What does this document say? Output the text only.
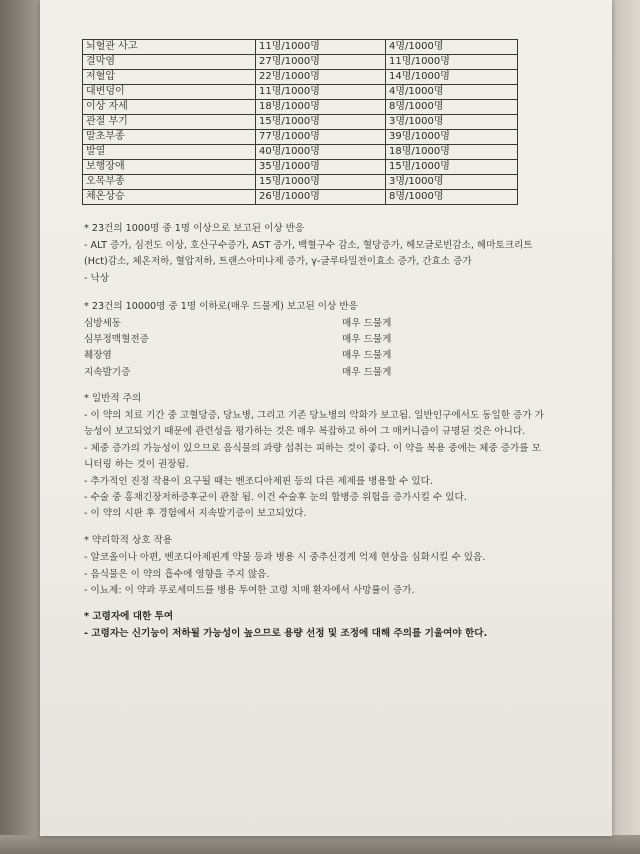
뇌혈관 사고	11명/1000명	4명/1000명
결막염	27명/1000명	11명/1000명
저혈압	22명/1000명	14명/1000명
대변덩이	11명/1000명	4명/1000명
이상 자세	18명/1000명	8명/1000명
관절 부기	15명/1000명	3명/1000명
말초부종	77명/1000명	39명/1000명
발열	40명/1000명	18명/1000명
보행장애	35명/1000명	15명/1000명
오목부종	15명/1000명	3명/1000명
체온상승	26명/1000명	8명/1000명
* 23건의 1000명 중 1명 이상으로 보고된 이상 반응
- ALT 증가, 심전도 이상, 호산구수증가, AST 증가, 백혈구수 감소, 혈당증가, 헤모글로빈감소, 헤마토크리트
(Hct)감소, 체온저하, 혈압저하, 트랜스아미나제 증가, γ-글루타밀전이효소 증가, 간효소 증가
- 낙상
* 23건의 10000명 중 1명 이하로(매우 드물게) 보고된 이상 반응
심방세동	매우 드물게
심부정맥혈전증	매우 드물게
췌장염	매우 드물게
지속발기증	매우 드물게
* 일반적 주의
- 이 약의 치료 기간 중 고혈당증, 당뇨병, 그리고 기존 당뇨병의 악화가 보고됨. 일반인구에서도 동일한 증가 가
능성이 보고되었기 때문에 관련성을 평가하는 것은 매우 복잡하고 하여 그 매커니즘이 규명된 것은 아니다.
- 체중 증가의 가능성이 있으므로 음식물의 과량 섭취는 피하는 것이 좋다. 이 약을 복용 중에는 체중 증가를 모
니터링 하는 것이 권장됨.
- 추가적인 진정 작용이 요구될 때는 벤조디아제핀 등의 다른 제제를 병용할 수 있다.
- 수술 중 홍채긴장저하증후군이 관찰 됨. 이건 수술후 눈의 합병증 위험을 증가시킬 수 있다.
- 이 약의 시판 후 경험에서 지속발기증이 보고되었다.
* 약리학적 상호 작용
- 알코올이나 아편, 벤조디아제핀계 약물 등과 병용 시 중추신경계 억제 현상을 심화시킬 수 있음.
- 음식물은 이 약의 흡수에 영향을 주지 않음.
- 이뇨제: 이 약과 푸로세미드를 병용 투여한 고령 치매 환자에서 사망률이 증가.
* 고령자에 대한 투여
- 고령자는 신기능이 저하될 가능성이 높으므로 용량 선정 및 조정에 대해 주의를 기울여야 한다.
